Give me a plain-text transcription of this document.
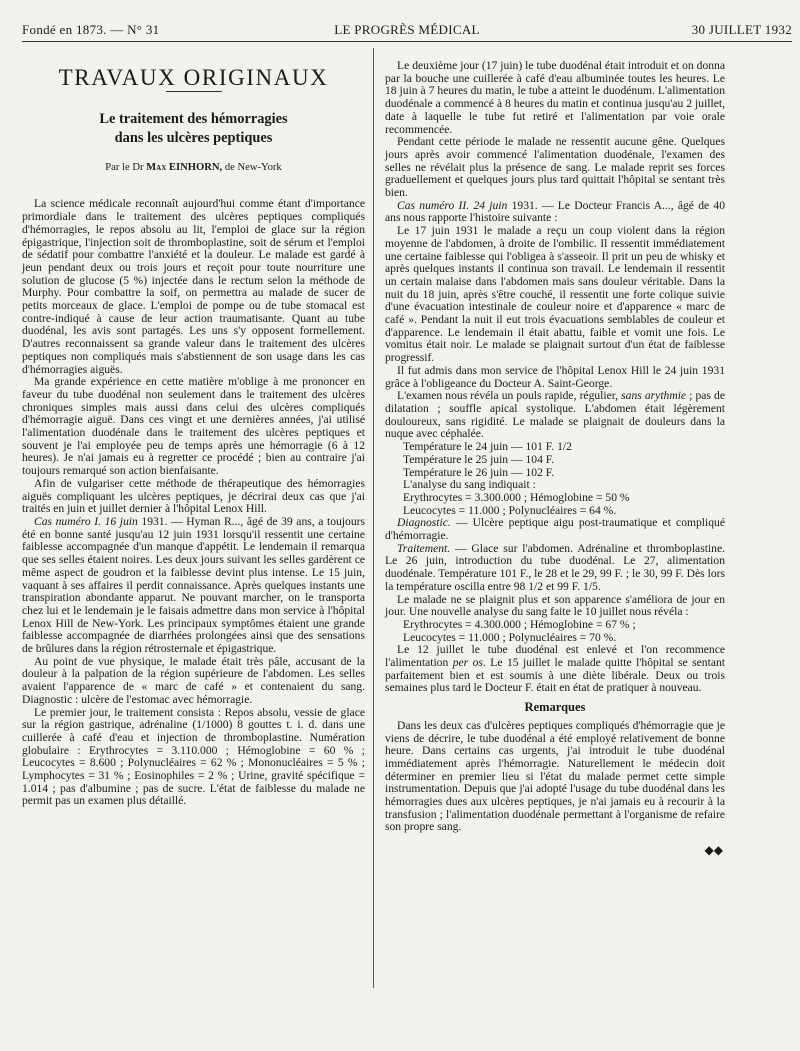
Fondé en 1873. — N° 31	LE PROGRÈS MÉDICAL	30 JUILLET 1932
TRAVAUX ORIGINAUX
Le traitement des hémorragies
dans les ulcères peptiques
Par le Dr Max EINHORN, de New-York

La science médicale reconnaît aujourd'hui comme étant d'importance primordiale dans le traitement des ulcères peptiques compliqués d'hémorragies, le repos absolu au lit, l'emploi de glace sur la région épigastrique, l'injection soit de thromboplastine, soit de sérum et l'emploi de sédatif pour combattre l'anxiété et la douleur. Le malade est gardé à jeun pendant deux ou trois jours et reçoit pour toute nourriture une solution de glucose (5 %) injectée dans le rectum selon la méthode de Murphy. Pour combattre la soif, on permettra au malade de sucer de petits morceaux de glace. L'emploi de pompe ou de tube stomacal est contre-indiqué à cause de leur action traumatisante. Quant au tube duodénal, les avis sont partagés. Les uns s'y opposent formellement. D'autres reconnaissent sa grande valeur dans le traitement des ulcères peptiques non compliqués mais s'abstiennent de son usage dans les cas d'hémorragies aiguës.

Ma grande expérience en cette matière m'oblige à me prononcer en faveur du tube duodénal non seulement dans le traitement des ulcères chroniques simples mais aussi dans celui des ulcères compliqués d'hémorragie aiguë. Dans ces vingt et une dernières années, j'ai utilisé l'alimentation duodénale dans le traitement des ulcères peptiques et souvent je l'ai employée peu de temps après une hémorragie (6 à 12 heures). Je n'ai jamais eu à regretter ce procédé ; bien au contraire j'ai toujours remarqué son action bienfaisante.

Afin de vulgariser cette méthode de thérapeutique des hémorragies aiguës compliquant les ulcères peptiques, je décrirai deux cas que j'ai traités en juin et juillet dernier à l'hôpital Lenox Hill.

Cas numéro I. 16 juin 1931. — Hyman R..., âgé de 39 ans, a toujours été en bonne santé jusqu'au 12 juin 1931 lorsqu'il ressentit une certaine faiblesse accompagnée d'un manque d'appétit. Le lendemain il remarqua que ses selles étaient noires. Les deux jours suivant les selles gardèrent ce même aspect de goudron et la faiblesse devint plus intense. Le 15 juin, vaquant à ses affaires il perdit connaissance. Après quelques instants une transpiration abondante apparut. Ne pouvant marcher, on le transporta chez lui et le lendemain je le faisais admettre dans mon service à l'hôpital Lenox Hill de New-York. Les principaux symptômes étaient une grande faiblesse accompagnée de diarrhées prolongées ainsi que des sensations de brûlures dans la région rétrosternale et épigastrique.

Au point de vue physique, le malade était très pâle, accusant de la douleur à la palpation de la région supérieure de l'abdomen. Les selles avaient l'apparence de « marc de café » et contenaient du sang. Diagnostic : ulcère de l'estomac avec hémorragie.

Le premier jour, le traitement consista : Repos absolu, vessie de glace sur la région gastrique, adrénaline (1/1000) 8 gouttes t. i. d. dans une cuillerée à café d'eau et injection de thromboplastine. Numération globulaire : Erythrocytes = 3.110.000 ; Hémoglobine = 60 % ; Leucocytes = 8.600 ; Polynucléaires = 62 % ; Mononucléaires = 5 % ; Lymphocytes = 31 % ; Eosinophiles = 2 % ; Urine, gravité spécifique = 1.014 ; pas d'albumine ; pas de sucre. L'état de faiblesse du malade ne permit pas un examen plus détaillé.

Le deuxième jour (17 juin) le tube duodénal était introduit et on donna par la bouche une cuillerée à café d'eau albuminée toutes les heures. Le 18 juin à 7 heures du matin, le tube a atteint le duodénum. L'alimentation duodénale a commencé à 8 heures du matin et continua jusqu'au 2 juillet, date à laquelle le tube fut retiré et l'alimentation par voie orale recommencée.

Pendant cette période le malade ne ressentit aucune gêne. Quelques jours après avoir commencé l'alimentation duodénale, l'examen des selles ne révélait plus la présence de sang. Le malade reprit ses forces graduellement et quelques jours plus tard quittait l'hôpital se sentant très bien.

Cas numéro II. 24 juin 1931. — Le Docteur Francis A..., âgé de 40 ans nous rapporte l'histoire suivante :

Le 17 juin 1931 le malade a reçu un coup violent dans la région moyenne de l'abdomen, à droite de l'ombilic. Il ressentit immédiatement une certaine faiblesse qui l'obligea à s'asseoir. Il prit un peu de whisky et après quelques instants il continua son travail. Le lendemain il ressentit un certain malaise dans l'abdomen mais sans douleur véritable. Dans la nuit du 18 juin, après s'être couché, il ressentit une forte colique suivie d'une évacuation intestinale de couleur noire et d'apparence « marc de café ». Pendant la nuit il eut trois évacuations semblables de couleur et d'apparence. Le lendemain il était abattu, faible et vomit une fois. Le vomitus était noir. Le malade se plaignait surtout d'un état de faiblesse progressif.

Il fut admis dans mon service de l'hôpital Lenox Hill le 24 juin 1931 grâce à l'obligeance du Docteur A. Saint-George.

L'examen nous révéla un pouls rapide, régulier, sans arythmie ; pas de dilatation ; souffle apical systolique. L'abdomen était légèrement douloureux, sans rigidité. Le malade se plaignait de douleurs dans la nuque avec céphalée.

Température le 24 juin — 101 F. 1/2

Température le 25 juin — 104 F.

Température le 26 juin — 102 F.

L'analyse du sang indiquait :

Erythrocytes = 3.300.000 ; Hémoglobine = 50 %

Leucocytes = 11.000 ; Polynucléaires = 64 %.

Diagnostic. — Ulcère peptique aigu post-traumatique et compliqué d'hémorragie.

Traitement. — Glace sur l'abdomen. Adrénaline et thromboplastine. Le 26 juin, introduction du tube duodénal. Le 27, alimentation duodénale. Température 101 F., le 28 et le 29, 99 F. ; le 30, 99 F. Dès lors la température oscilla entre 98 1/2 et 99 F. 1/5.

Le malade ne se plaignit plus et son apparence s'améliora de jour en jour. Une nouvelle analyse du sang faite le 10 juillet nous révéla :

Erythrocytes = 4.300.000 ; Hémoglobine = 67 % ;

Leucocytes = 11.000 ; Polynucléaires = 70 %.

Le 12 juillet le tube duodénal est enlevé et l'on recommence l'alimentation per os. Le 15 juillet le malade quitte l'hôpital se sentant parfaitement bien et est soumis à une diète libérale. Deux ou trois semaines plus tard le Docteur F. était en état de pratiquer à nouveau.

Remarques

Dans les deux cas d'ulcères peptiques compliqués d'hémorragie que je viens de décrire, le tube duodénal a été employé relativement de bonne heure. Dans certains cas urgents, j'ai introduit le tube duodénal immédiatement après l'hémorragie. Naturellement le médecin doit déterminer en premier lieu si l'état du malade permet cette simple instrumentation. Depuis que j'ai adopté l'usage du tube duodénal dans les hémorragies dues aux ulcères peptiques, je n'ai jamais eu à recourir à la transfusion ; l'alimentation duodénale permettant à l'organisme de refaire son propre sang.

◆◆
